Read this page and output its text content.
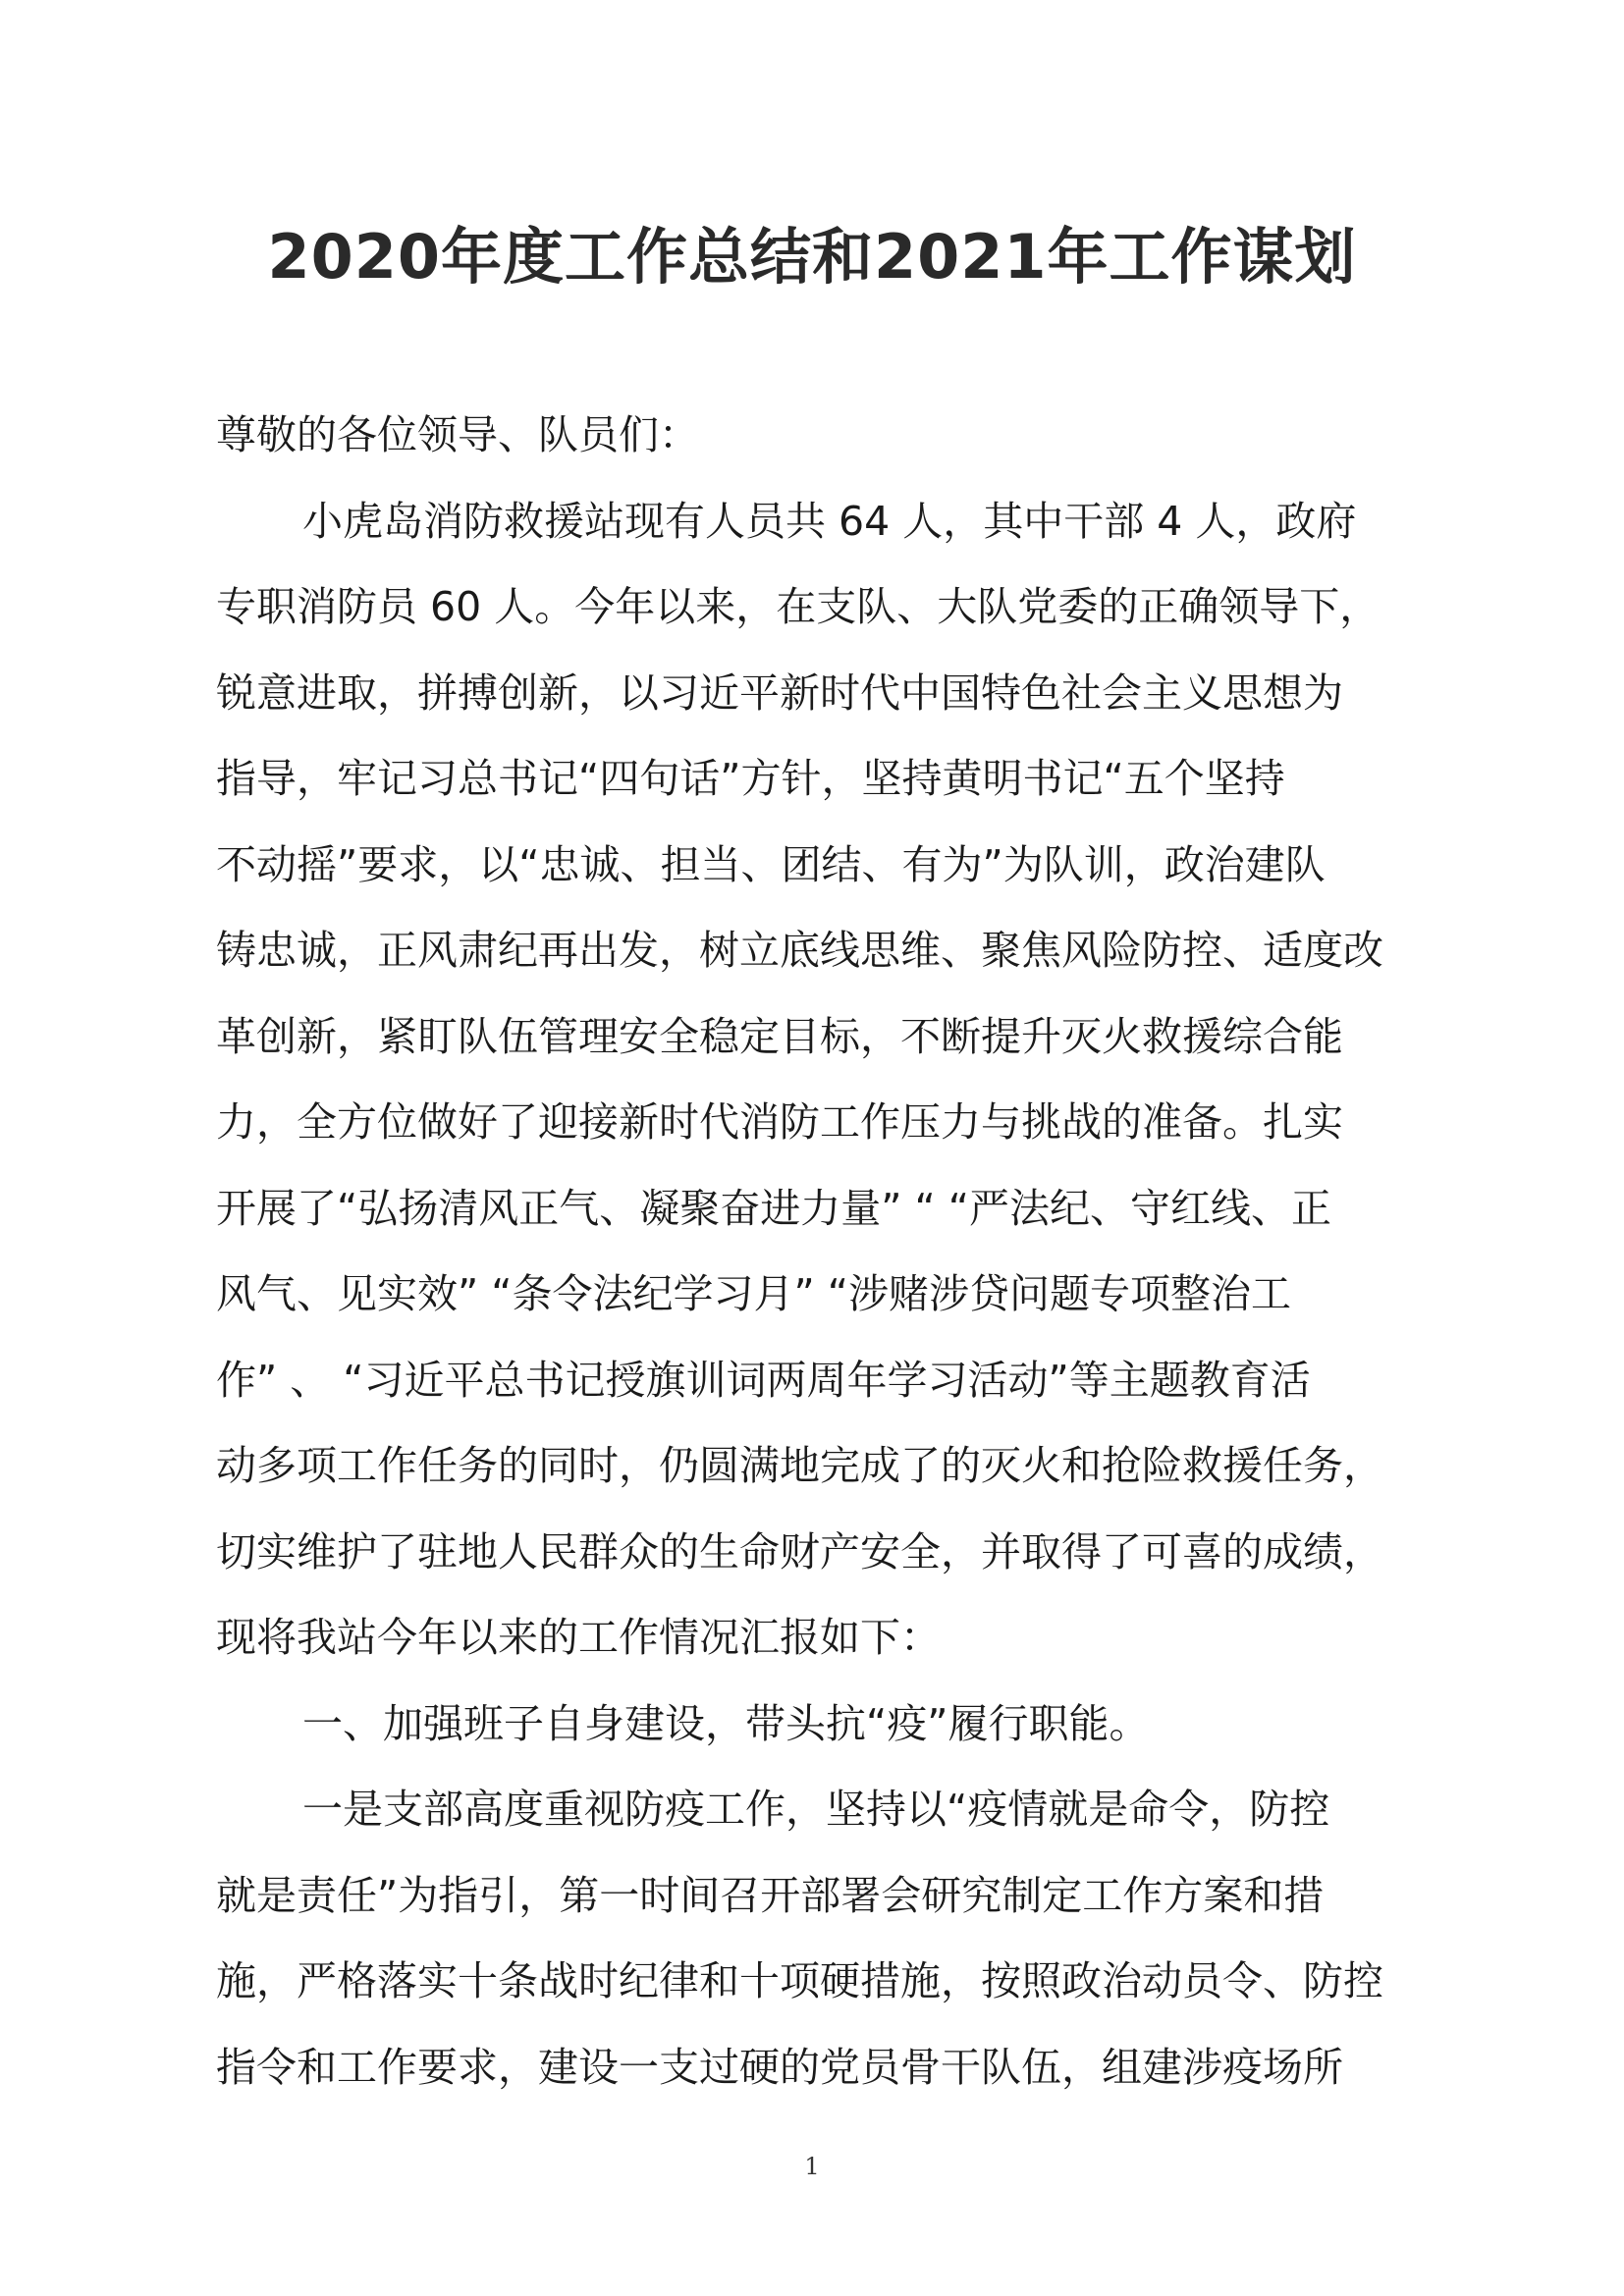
2020年度工作总结和2021年工作谋划
尊敬的各位领导、队员们：
小虎岛消防救援站现有人员共 64 人，其中干部 4 人，政府
专职消防员 60 人。今年以来，在支队、大队党委的正确领导下，
锐意进取，拼搏创新，以习近平新时代中国特色社会主义思想为
指导，牢记习总书记“四句话”方针，坚持黄明书记“五个坚持
不动摇”要求，以“忠诚、担当、团结、有为”为队训，政治建队
铸忠诚，正风肃纪再出发，树立底线思维、聚焦风险防控、适度改
革创新，紧盯队伍管理安全稳定目标，不断提升灭火救援综合能
力，全方位做好了迎接新时代消防工作压力与挑战的准备。扎实
开展了“弘扬清风正气、凝聚奋进力量” “ “严法纪、守红线、正
风气、见实效” “条令法纪学习月” “涉赌涉贷问题专项整治工
作” 、 “习近平总书记授旗训词两周年学习活动”等主题教育活
动多项工作任务的同时，仍圆满地完成了的灭火和抢险救援任务，
切实维护了驻地人民群众的生命财产安全，并取得了可喜的成绩，
现将我站今年以来的工作情况汇报如下：
一、加强班子自身建设，带头抗“疫”履行职能。
一是支部高度重视防疫工作，坚持以“疫情就是命令，防控
就是责任”为指引，第一时间召开部署会研究制定工作方案和措
施，严格落实十条战时纪律和十项硬措施，按照政治动员令、防控
指令和工作要求，建设一支过硬的党员骨干队伍，组建涉疫场所
1
